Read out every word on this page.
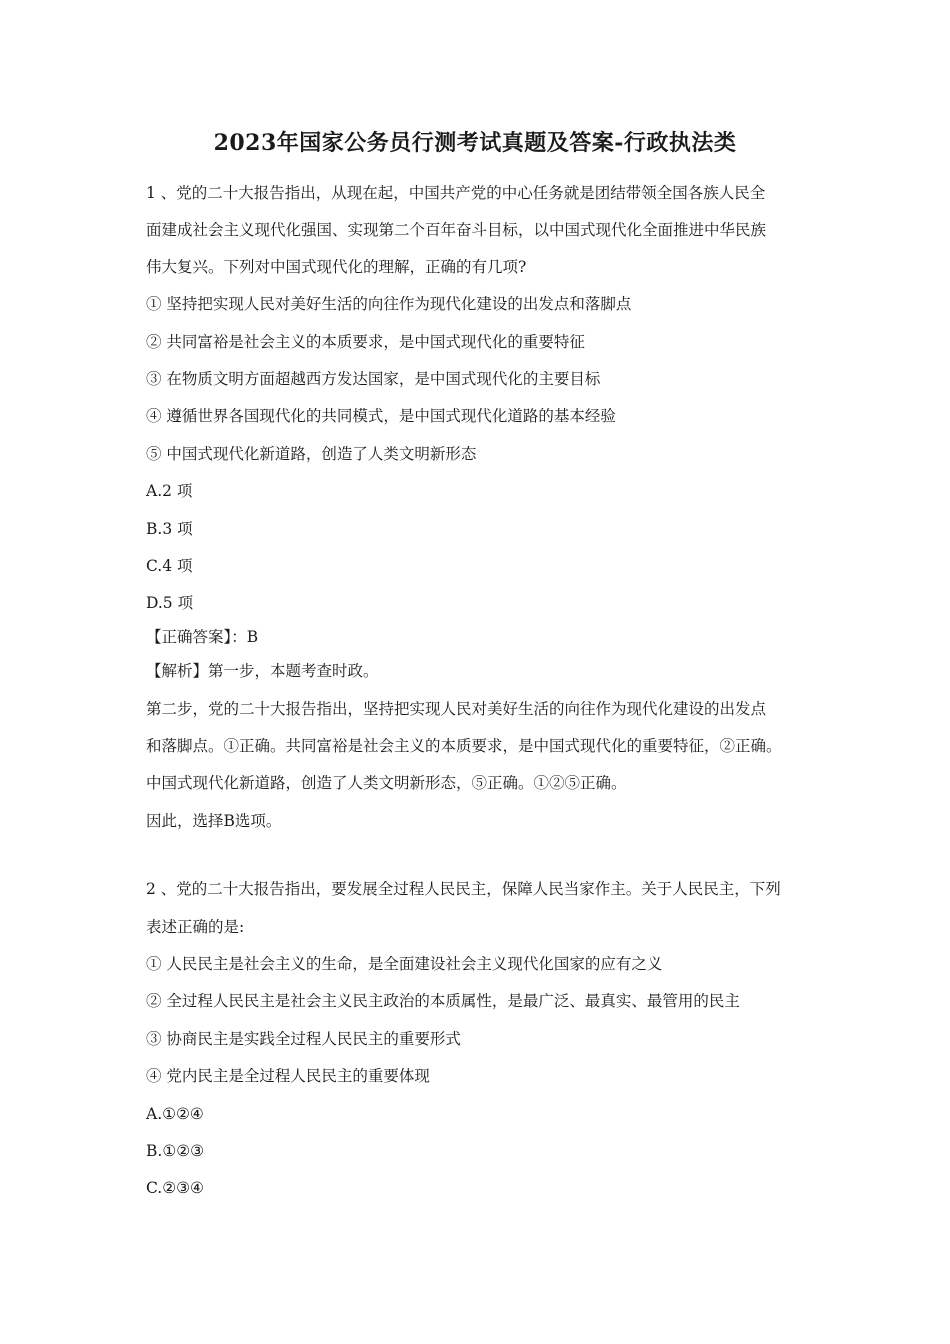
2023年国家公务员行测考试真题及答案-行政执法类

1 、党的二十大报告指出，从现在起，中国共产党的中心任务就是团结带领全国各族人民全

面建成社会主义现代化强国、实现第二个百年奋斗目标，以中国式现代化全面推进中华民族

伟大复兴。下列对中国式现代化的理解，正确的有几项?

① 坚持把实现人民对美好生活的向往作为现代化建设的出发点和落脚点

② 共同富裕是社会主义的本质要求，是中国式现代化的重要特征

③ 在物质文明方面超越西方发达国家，是中国式现代化的主要目标

④ 遵循世界各国现代化的共同模式，是中国式现代化道路的基本经验

⑤ 中国式现代化新道路，创造了人类文明新形态

A.2 项

B.3 项

C.4 项

D.5 项

【正确答案】：B

【解析】第一步，本题考查时政。

第二步，党的二十大报告指出，坚持把实现人民对美好生活的向往作为现代化建设的出发点

和落脚点。①正确。共同富裕是社会主义的本质要求，是中国式现代化的重要特征，②正确。

中国式现代化新道路，创造了人类文明新形态，⑤正确。①②⑤正确。

因此，选择B选项。

2 、党的二十大报告指出，要发展全过程人民民主，保障人民当家作主。关于人民民主，下列

表述正确的是:

① 人民民主是社会主义的生命，是全面建设社会主义现代化国家的应有之义

② 全过程人民民主是社会主义民主政治的本质属性，是最广泛、最真实、最管用的民主

③ 协商民主是实践全过程人民民主的重要形式

④ 党内民主是全过程人民民主的重要体现

A.①②④

B.①②③

C.②③④
